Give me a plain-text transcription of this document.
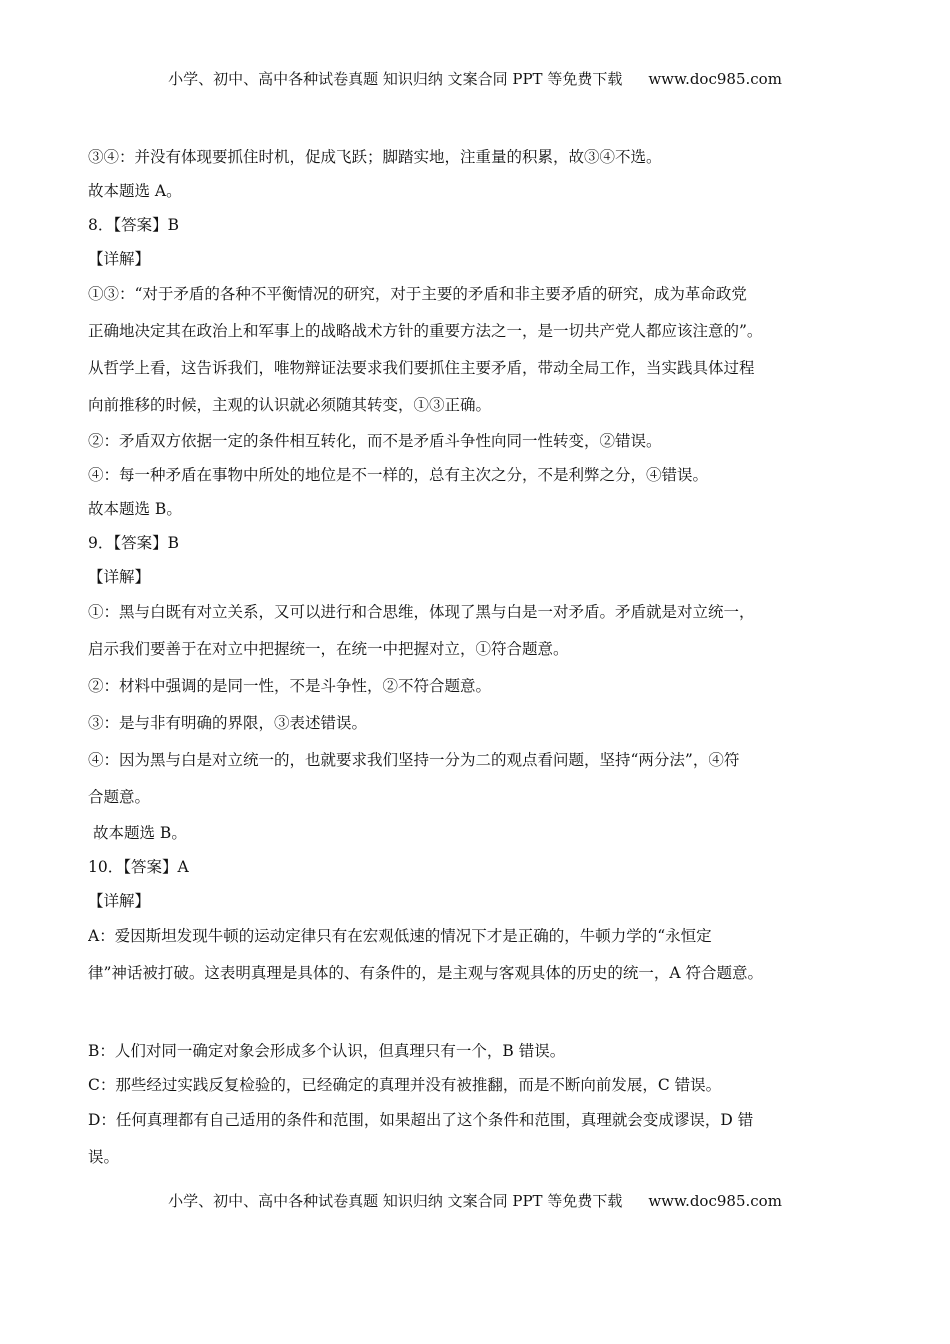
小学、初中、高中各种试卷真题 知识归纳 文案合同 PPT 等免费下载 www.doc985.com
③④：并没有体现要抓住时机，促成飞跃；脚踏实地，注重量的积累，故③④不选。
故本题选 A。
8．【答案】B
【详解】
①③：“对于矛盾的各种不平衡情况的研究，对于主要的矛盾和非主要矛盾的研究，成为革命政党
正确地决定其在政治上和军事上的战略战术方针的重要方法之一，是一切共产党人都应该注意的”。
从哲学上看，这告诉我们，唯物辩证法要求我们要抓住主要矛盾，带动全局工作，当实践具体过程
向前推移的时候，主观的认识就必须随其转变，①③正确。
②：矛盾双方依据一定的条件相互转化，而不是矛盾斗争性向同一性转变，②错误。
④：每一种矛盾在事物中所处的地位是不一样的，总有主次之分，不是利弊之分，④错误。
故本题选 B。
9．【答案】B
【详解】
①：黑与白既有对立关系，又可以进行和合思维，体现了黑与白是一对矛盾。矛盾就是对立统一，
启示我们要善于在对立中把握统一，在统一中把握对立，①符合题意。
②：材料中强调的是同一性，不是斗争性，②不符合题意。
③：是与非有明确的界限，③表述错误。
④：因为黑与白是对立统一的，也就要求我们坚持一分为二的观点看问题，坚持“两分法”，④符
合题意。
故本题选 B。
10．【答案】A
【详解】
A：爱因斯坦发现牛顿的运动定律只有在宏观低速的情况下才是正确的，牛顿力学的“永恒定
律”神话被打破。这表明真理是具体的、有条件的，是主观与客观具体的历史的统一，A 符合题意。
B：人们对同一确定对象会形成多个认识，但真理只有一个，B 错误。
C：那些经过实践反复检验的，已经确定的真理并没有被推翻，而是不断向前发展，C 错误。
D：任何真理都有自己适用的条件和范围，如果超出了这个条件和范围，真理就会变成谬误，D 错
误。
小学、初中、高中各种试卷真题 知识归纳 文案合同 PPT 等免费下载 www.doc985.com
